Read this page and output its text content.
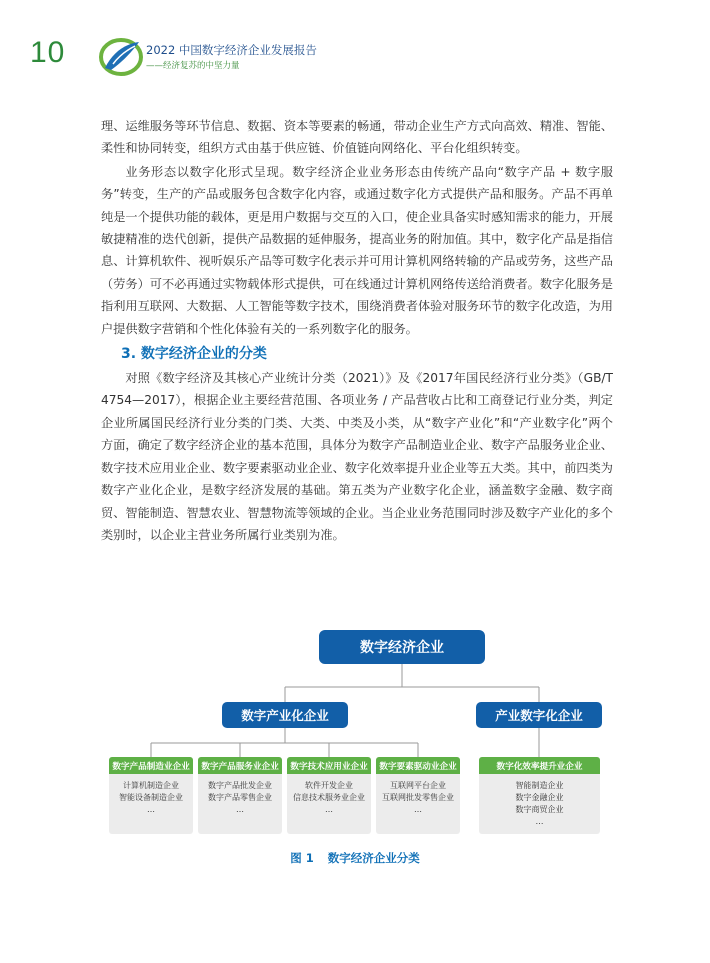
10	2022 中国数字经济企业发展报告
——经济复苏的中坚力量

理、运维服务等环节信息、数据、资本等要素的畅通，带动企业生产方式向高效、精准、智能、柔性和协同转变，组织方式由基于供应链、价值链向网络化、平台化组织转变。

业务形态以数字化形式呈现。数字经济企业业务形态由传统产品向“数字产品 + 数字服务”转变，生产的产品或服务包含数字化内容，或通过数字化方式提供产品和服务。产品不再单纯是一个提供功能的载体，更是用户数据与交互的入口，使企业具备实时感知需求的能力，开展敏捷精准的迭代创新，提供产品数据的延伸服务，提高业务的附加值。其中，数字化产品是指信息、计算机软件、视听娱乐产品等可数字化表示并可用计算机网络转输的产品或劳务，这些产品（劳务）可不必再通过实物载体形式提供，可在线通过计算机网络传送给消费者。数字化服务是指利用互联网、大数据、人工智能等数字技术，围绕消费者体验对服务环节的数字化改造，为用户提供数字营销和个性化体验有关的一系列数字化的服务。

3. 数字经济企业的分类

对照《数字经济及其核心产业统计分类（2021）》及《2017年国民经济行业分类》（GB/T 4754—2017），根据企业主要经营范围、各项业务 / 产品营收占比和工商登记行业分类，判定企业所属国民经济行业分类的门类、大类、中类及小类，从“数字产业化”和“产业数字化”两个方面，确定了数字经济企业的基本范围，具体分为数字产品制造业企业、数字产品服务业企业、数字技术应用业企业、数字要素驱动业企业、数字化效率提升业企业等五大类。其中，前四类为数字产业化企业，是数字经济发展的基础。第五类为产业数字化企业，涵盖数字金融、数字商贸、智能制造、智慧农业、智慧物流等领域的企业。当企业业务范围同时涉及数字产业化的多个类别时，以企业主营业务所属行业类别为准。

数字经济企业
数字产业化企业	产业数字化企业
数字产品制造业企业
计算机制造企业
智能设备制造企业
…
数字产品服务业企业
数字产品批发企业
数字产品零售企业
…
数字技术应用业企业
软件开发企业
信息技术服务业企业
…
数字要素驱动业企业
互联网平台企业
互联网批发零售企业
…
数字化效率提升业企业
智能制造企业
数字金融企业
数字商贸企业
…
图 1 数字经济企业分类
